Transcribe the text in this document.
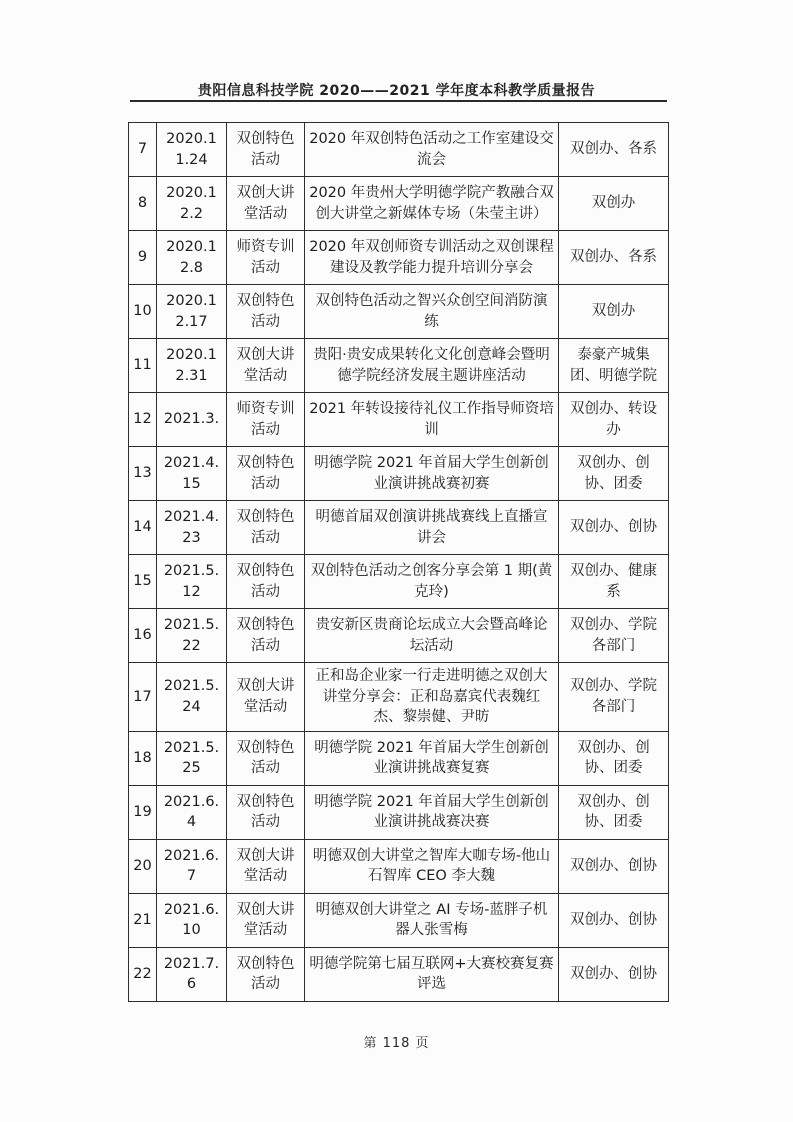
贵阳信息科技学院 2020——2021 学年度本科教学质量报告
7	2020.11.24	双创特色活动	2020 年双创特色活动之工作室建设交流会	双创办、各系
8	2020.12.2	双创大讲堂活动	2020 年贵州大学明德学院产教融合双创大讲堂之新媒体专场（朱莹主讲）	双创办
9	2020.12.8	师资专训活动	2020 年双创师资专训活动之双创课程建设及教学能力提升培训分享会	双创办、各系
10	2020.12.17	双创特色活动	双创特色活动之智兴众创空间消防演练	双创办
11	2020.12.31	双创大讲堂活动	贵阳·贵安成果转化文化创意峰会暨明德学院经济发展主题讲座活动	泰豪产城集团、明德学院
12	2021.3.	师资专训活动	2021 年转设接待礼仪工作指导师资培训	双创办、转设办
13	2021.4.15	双创特色活动	明德学院 2021 年首届大学生创新创业演讲挑战赛初赛	双创办、创协、团委
14	2021.4.23	双创特色活动	明德首届双创演讲挑战赛线上直播宣讲会	双创办、创协
15	2021.5.12	双创特色活动	双创特色活动之创客分享会第 1 期(黄克玲)	双创办、健康系
16	2021.5.22	双创特色活动	贵安新区贵商论坛成立大会暨高峰论坛活动	双创办、学院各部门
17	2021.5.24	双创大讲堂活动	正和岛企业家一行走进明德之双创大讲堂分享会：正和岛嘉宾代表魏红杰、黎崇健、尹昉	双创办、学院各部门
18	2021.5.25	双创特色活动	明德学院 2021 年首届大学生创新创业演讲挑战赛复赛	双创办、创协、团委
19	2021.6.4	双创特色活动	明德学院 2021 年首届大学生创新创业演讲挑战赛决赛	双创办、创协、团委
20	2021.6.7	双创大讲堂活动	明德双创大讲堂之智库大咖专场-他山石智库 CEO 李大魏	双创办、创协
21	2021.6.10	双创大讲堂活动	明德双创大讲堂之 AI 专场-蓝胖子机器人张雪梅	双创办、创协
22	2021.7.6	双创特色活动	明德学院第七届互联网+大赛校赛复赛评选	双创办、创协
第 118 页
